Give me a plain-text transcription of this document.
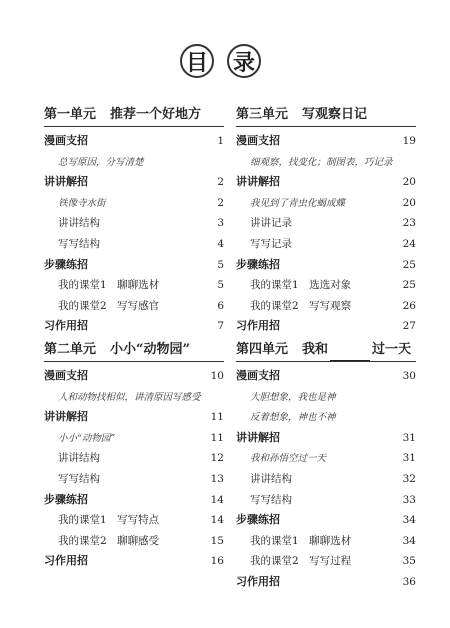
目 录
第一单元 推荐一个好地方
漫画支招	1
总写原因，分写清楚
讲讲解招	2
铁像寺水街	2
讲讲结构	3
写写结构	4
步骤练招	5
我的课堂1　聊聊选材	5
我的课堂2　写写感官	6
习作用招	7
第三单元 写观察日记
漫画支招	19
细观察，找变化；制图表，巧记录
讲讲解招	20
我见到了青虫化蝎成蝶	20
讲讲记录	23
写写记录	24
步骤练招	25
我的课堂1　选选对象	25
我的课堂2　写写观察	26
习作用招	27
第二单元 小小“动物园”
漫画支招	10
人和动物找相似，讲清原因写感受
讲讲解招	11
小小“动物园”	11
讲讲结构	12
写写结构	13
步骤练招	14
我的课堂1　写写特点	14
我的课堂2　聊聊感受	15
习作用招	16
第四单元 我和	过一天
漫画支招	30
大胆想象，我也是神
反着想象，神也不神
讲讲解招	31
我和孙悟空过一天	31
讲讲结构	32
写写结构	33
步骤练招	34
我的课堂1　聊聊选材	34
我的课堂2　写写过程	35
习作用招	36
